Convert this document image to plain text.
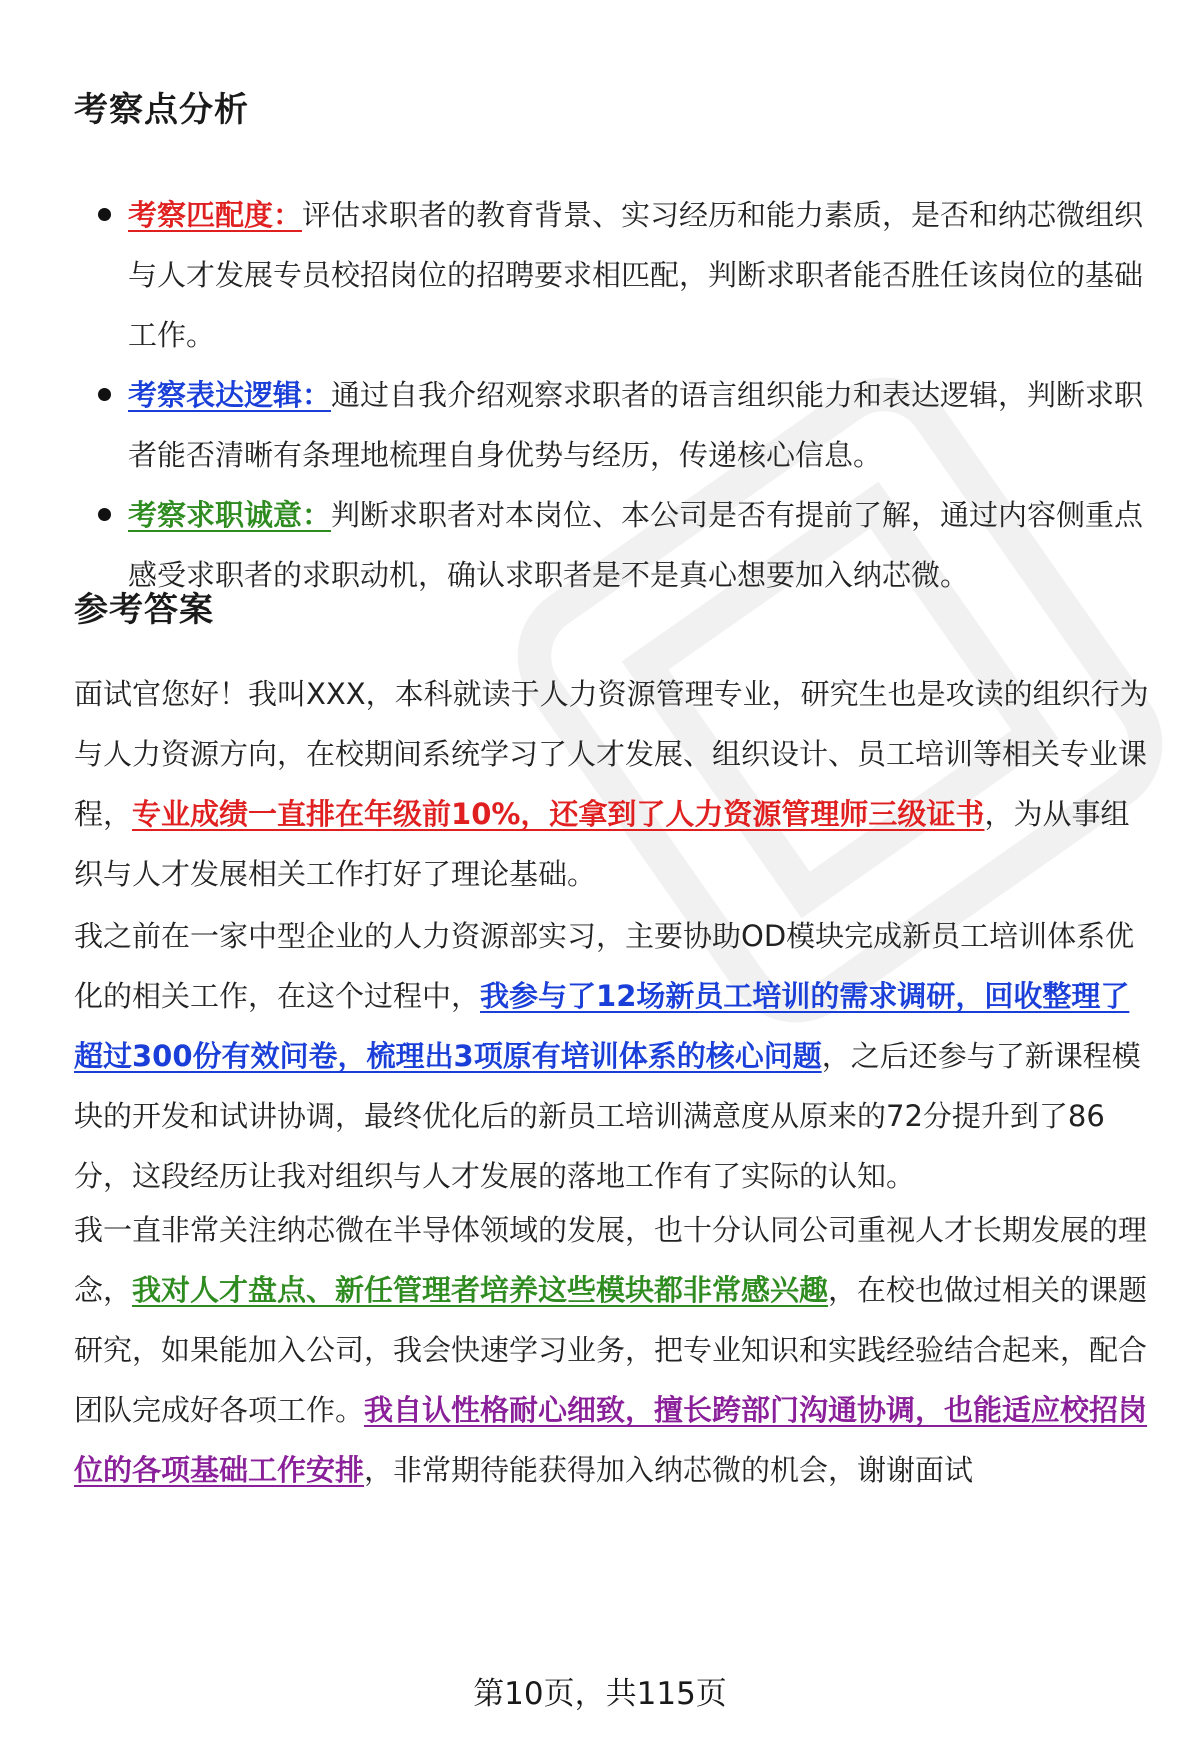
考察点分析
考察匹配度：评估求职者的教育背景、实习经历和能力素质，是否和纳芯微组织与人才发展专员校招岗位的招聘要求相匹配，判断求职者能否胜任该岗位的基础工作。
考察表达逻辑：通过自我介绍观察求职者的语言组织能力和表达逻辑，判断求职者能否清晰有条理地梳理自身优势与经历，传递核心信息。
考察求职诚意：判断求职者对本岗位、本公司是否有提前了解，通过内容侧重点感受求职者的求职动机，确认求职者是不是真心想要加入纳芯微。
参考答案

面试官您好！我叫XXX，本科就读于人力资源管理专业，研究生也是攻读的组织行为与人力资源方向，在校期间系统学习了人才发展、组织设计、员工培训等相关专业课程，专业成绩一直排在年级前10%，还拿到了人力资源管理师三级证书，为从事组织与人才发展相关工作打好了理论基础。

我之前在一家中型企业的人力资源部实习，主要协助OD模块完成新员工培训体系优化的相关工作，在这个过程中，我参与了12场新员工培训的需求调研，回收整理了超过300份有效问卷，梳理出3项原有培训体系的核心问题，之后还参与了新课程模块的开发和试讲协调，最终优化后的新员工培训满意度从原来的72分提升到了86分，这段经历让我对组织与人才发展的落地工作有了实际的认知。

我一直非常关注纳芯微在半导体领域的发展，也十分认同公司重视人才长期发展的理念，我对人才盘点、新任管理者培养这些模块都非常感兴趣，在校也做过相关的课题研究，如果能加入公司，我会快速学习业务，把专业知识和实践经验结合起来，配合团队完成好各项工作。我自认性格耐心细致，擅长跨部门沟通协调，也能适应校招岗位的各项基础工作安排，非常期待能获得加入纳芯微的机会，谢谢面试

第10页，共115页
